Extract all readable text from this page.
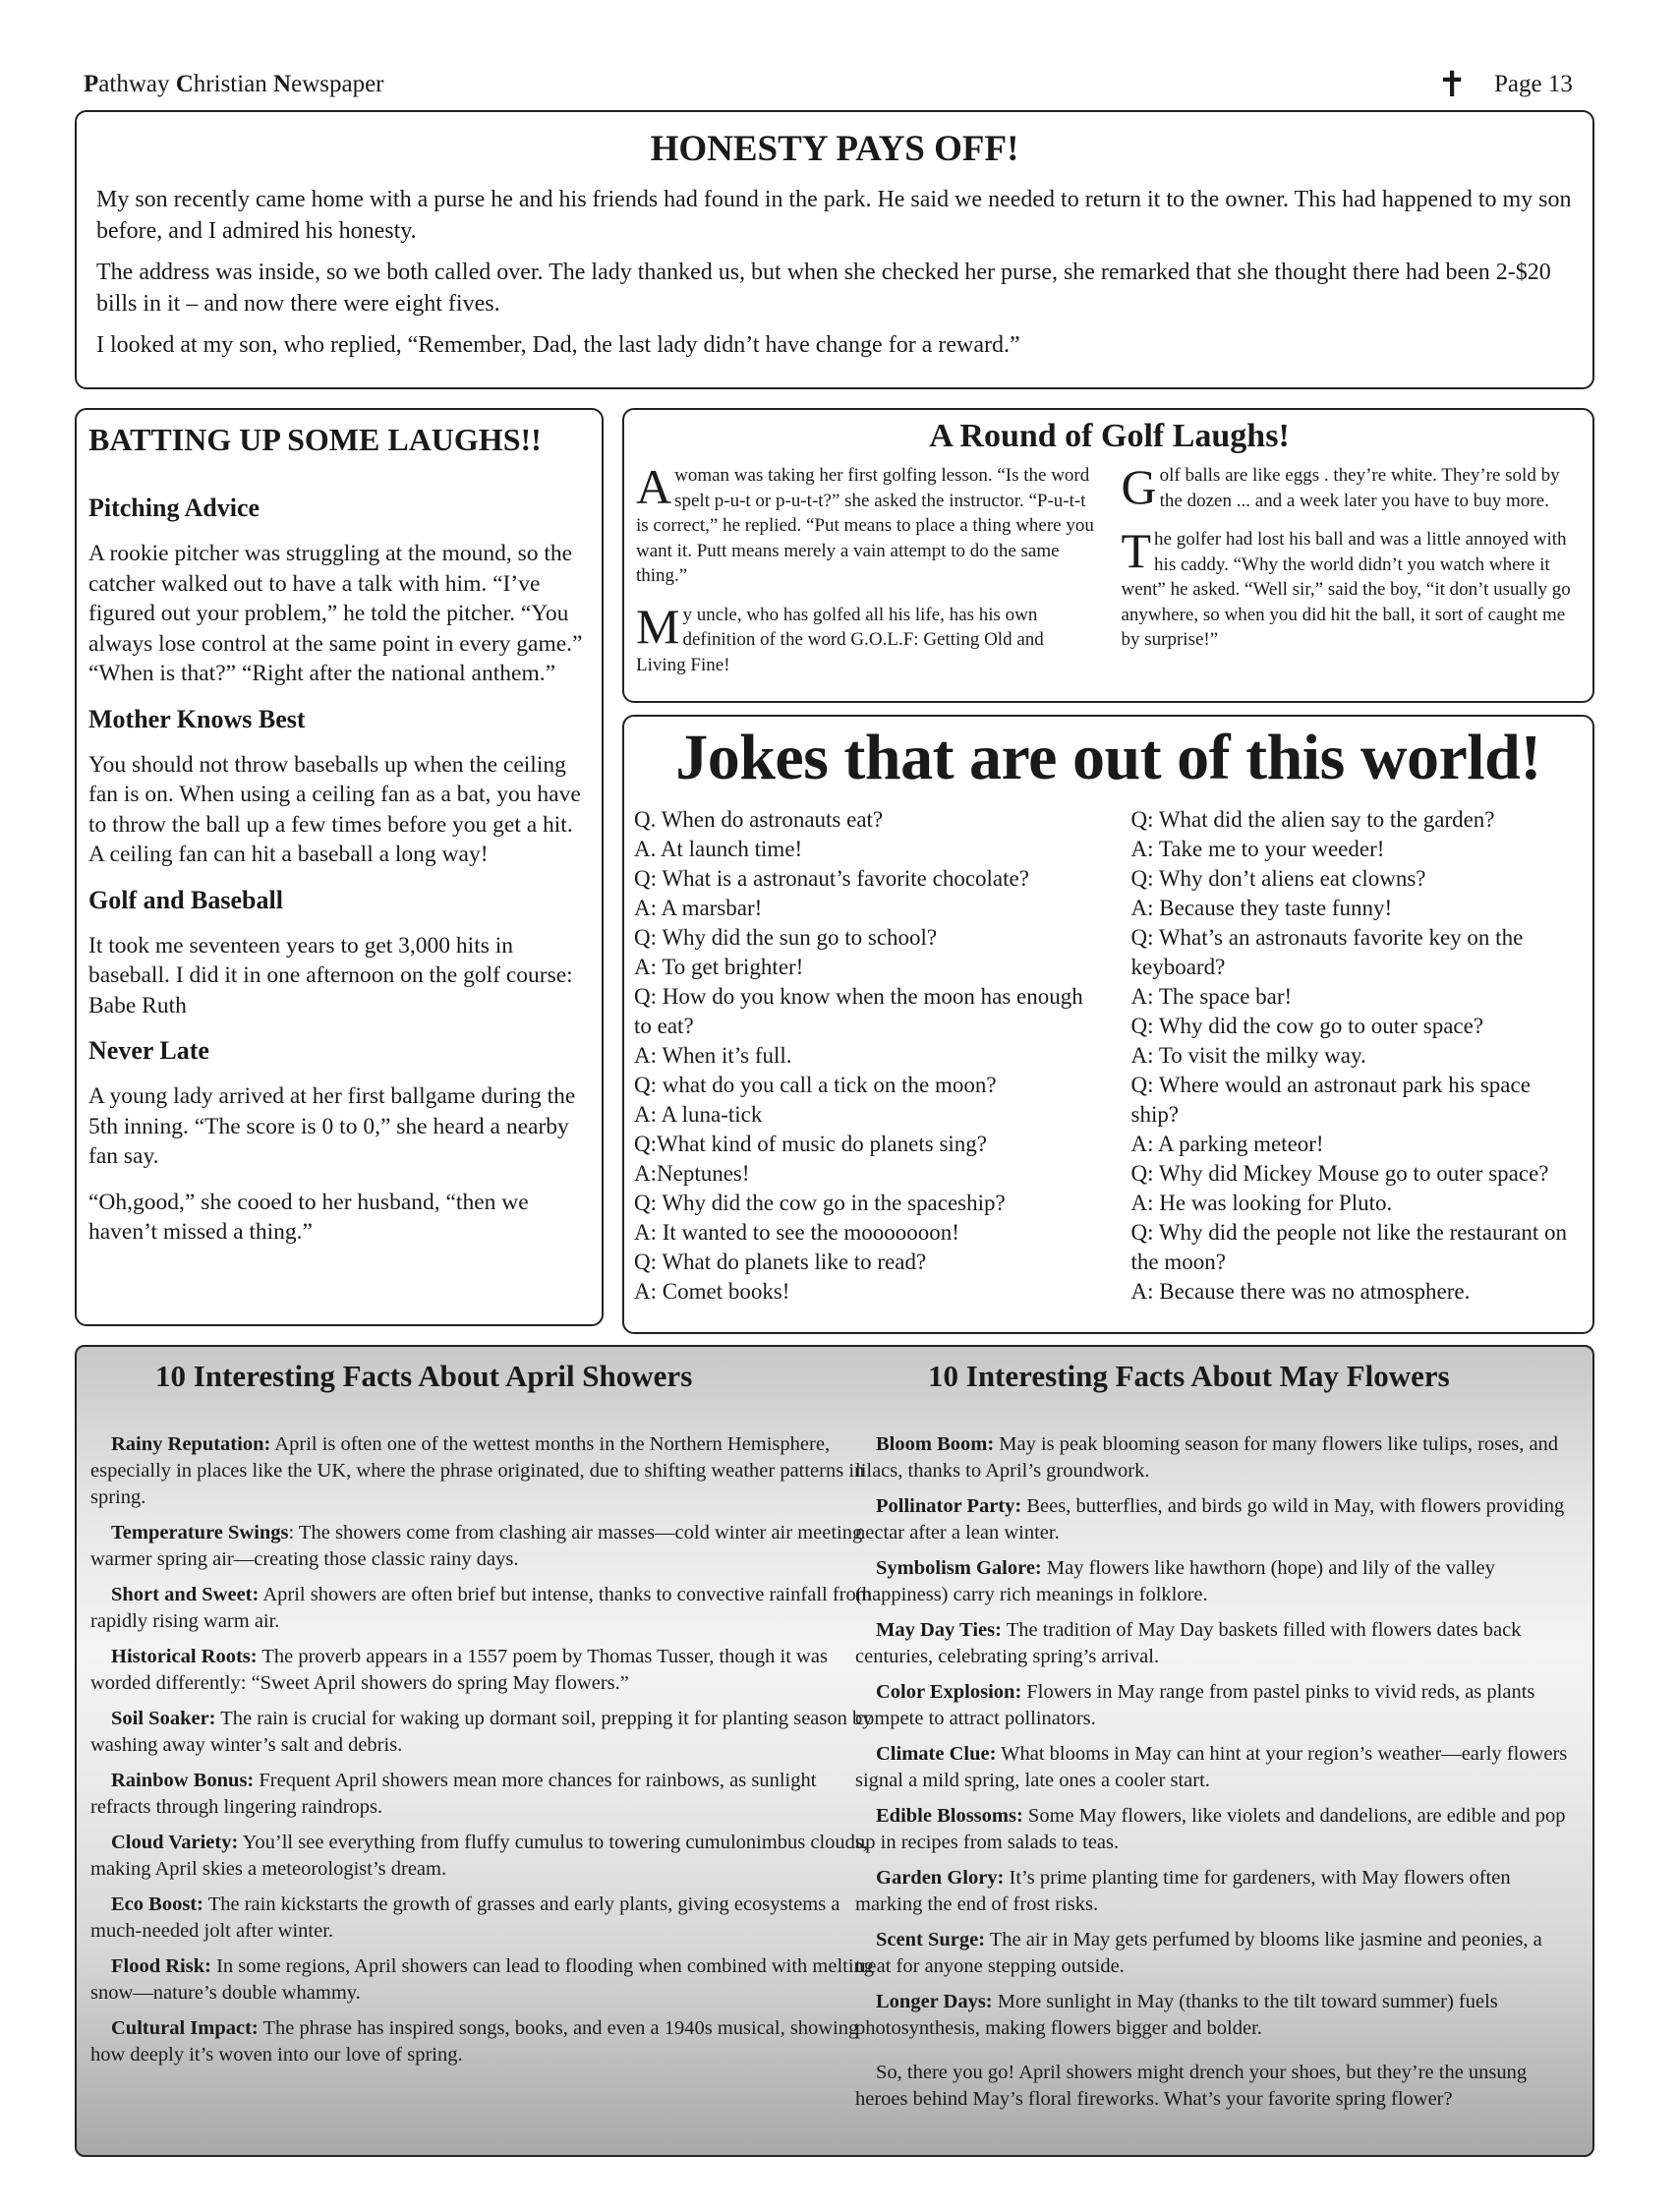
Pathway Christian Newspaper	✝ Page 13
HONESTY PAYS OFF!

My son recently came home with a purse he and his friends had found in the park. He said we needed to return it to the owner. This had happened to my son before, and I admired his honesty.

The address was inside, so we both called over. The lady thanked us, but when she checked her purse, she remarked that she thought there had been 2-$20 bills in it – and now there were eight fives.

I looked at my son, who replied, “Remember, Dad, the last lady didn’t have change for a reward.”

BATTING UP SOME LAUGHS!!
Pitching Advice

A rookie pitcher was struggling at the mound, so the catcher walked out to have a talk with him. “I’ve figured out your problem,” he told the pitcher. “You always lose control at the same point in every game.” “When is that?” “Right after the national anthem.”

Mother Knows Best

You should not throw baseballs up when the ceiling fan is on. When using a ceiling fan as a bat, you have to throw the ball up a few times before you get a hit. A ceiling fan can hit a baseball a long way!

Golf and Baseball

It took me seventeen years to get 3,000 hits in baseball. I did it in one afternoon on the golf course: Babe Ruth

Never Late

A young lady arrived at her first ballgame during the 5th inning. “The score is 0 to 0,” she heard a nearby fan say.

“Oh,good,” she cooed to her husband, “then we haven’t missed a thing.”

A Round of Golf Laughs!

Awoman was taking her first golfing lesson. “Is the word spelt p-u-t or p-u-t-t?” she asked the instructor. “P-u-t-t is correct,” he replied. “Put means to place a thing where you want it. Putt means merely a vain attempt to do the same thing.”

My uncle, who has golfed all his life, has his own definition of the word G.O.L.F: Getting Old and Living Fine!

Golf balls are like eggs . they’re white. They’re sold by the dozen ... and a week later you have to buy more.

The golfer had lost his ball and was a little annoyed with his caddy. “Why the world didn’t you watch where it went” he asked. “Well sir,” said the boy, “it don’t usually go anywhere, so when you did hit the ball, it sort of caught me by surprise!”

Jokes that are out of this world!
Q. When do astronauts eat?
A. At launch time!
Q: What is a astronaut’s favorite chocolate?
A: A marsbar!
Q: Why did the sun go to school?
A: To get brighter!
Q: How do you know when the moon has enough to eat?
A: When it’s full.
Q: what do you call a tick on the moon?
A: A luna-tick
Q:What kind of music do planets sing?
A:Neptunes!
Q: Why did the cow go in the spaceship?
A: It wanted to see the mooooooon!
Q: What do planets like to read?
A: Comet books!
Q: What did the alien say to the garden?
A: Take me to your weeder!
Q: Why don’t aliens eat clowns?
A: Because they taste funny!
Q: What’s an astronauts favorite key on the keyboard?
A: The space bar!
Q: Why did the cow go to outer space?
A: To visit the milky way.
Q: Where would an astronaut park his space ship?
A: A parking meteor!
Q: Why did Mickey Mouse go to outer space?
A: He was looking for Pluto.
Q: Why did the people not like the restaurant on the moon?
A: Because there was no atmosphere.
10 Interesting Facts About April Showers	10 Interesting Facts About May Flowers

Rainy Reputation: April is often one of the wettest months in the Northern Hemisphere, especially in places like the UK, where the phrase originated, due to shifting weather patterns in spring.

Temperature Swings: The showers come from clashing air masses—cold winter air meeting warmer spring air—creating those classic rainy days.

Short and Sweet: April showers are often brief but intense, thanks to convective rainfall from rapidly rising warm air.

Historical Roots: The proverb appears in a 1557 poem by Thomas Tusser, though it was worded differently: “Sweet April showers do spring May flowers.”

Soil Soaker: The rain is crucial for waking up dormant soil, prepping it for planting season by washing away winter’s salt and debris.

Rainbow Bonus: Frequent April showers mean more chances for rainbows, as sunlight refracts through lingering raindrops.

Cloud Variety: You’ll see everything from fluffy cumulus to towering cumulonimbus clouds, making April skies a meteorologist’s dream.

Eco Boost: The rain kickstarts the growth of grasses and early plants, giving ecosystems a much-needed jolt after winter.

Flood Risk: In some regions, April showers can lead to flooding when combined with melting snow—nature’s double whammy.

Cultural Impact: The phrase has inspired songs, books, and even a 1940s musical, showing how deeply it’s woven into our love of spring.

Bloom Boom: May is peak blooming season for many flowers like tulips, roses, and lilacs, thanks to April’s groundwork.

Pollinator Party: Bees, butterflies, and birds go wild in May, with flowers providing nectar after a lean winter.

Symbolism Galore: May flowers like hawthorn (hope) and lily of the valley (happiness) carry rich meanings in folklore.

May Day Ties: The tradition of May Day baskets filled with flowers dates back centuries, celebrating spring’s arrival.

Color Explosion: Flowers in May range from pastel pinks to vivid reds, as plants compete to attract pollinators.

Climate Clue: What blooms in May can hint at your region’s weather—early flowers signal a mild spring, late ones a cooler start.

Edible Blossoms: Some May flowers, like violets and dandelions, are edible and pop up in recipes from salads to teas.

Garden Glory: It’s prime planting time for gardeners, with May flowers often marking the end of frost risks.

Scent Surge: The air in May gets perfumed by blooms like jasmine and peonies, a treat for anyone stepping outside.

Longer Days: More sunlight in May (thanks to the tilt toward summer) fuels photosynthesis, making flowers bigger and bolder.

So, there you go! April showers might drench your shoes, but they’re the unsung heroes behind May’s floral fireworks. What’s your favorite spring flower?
